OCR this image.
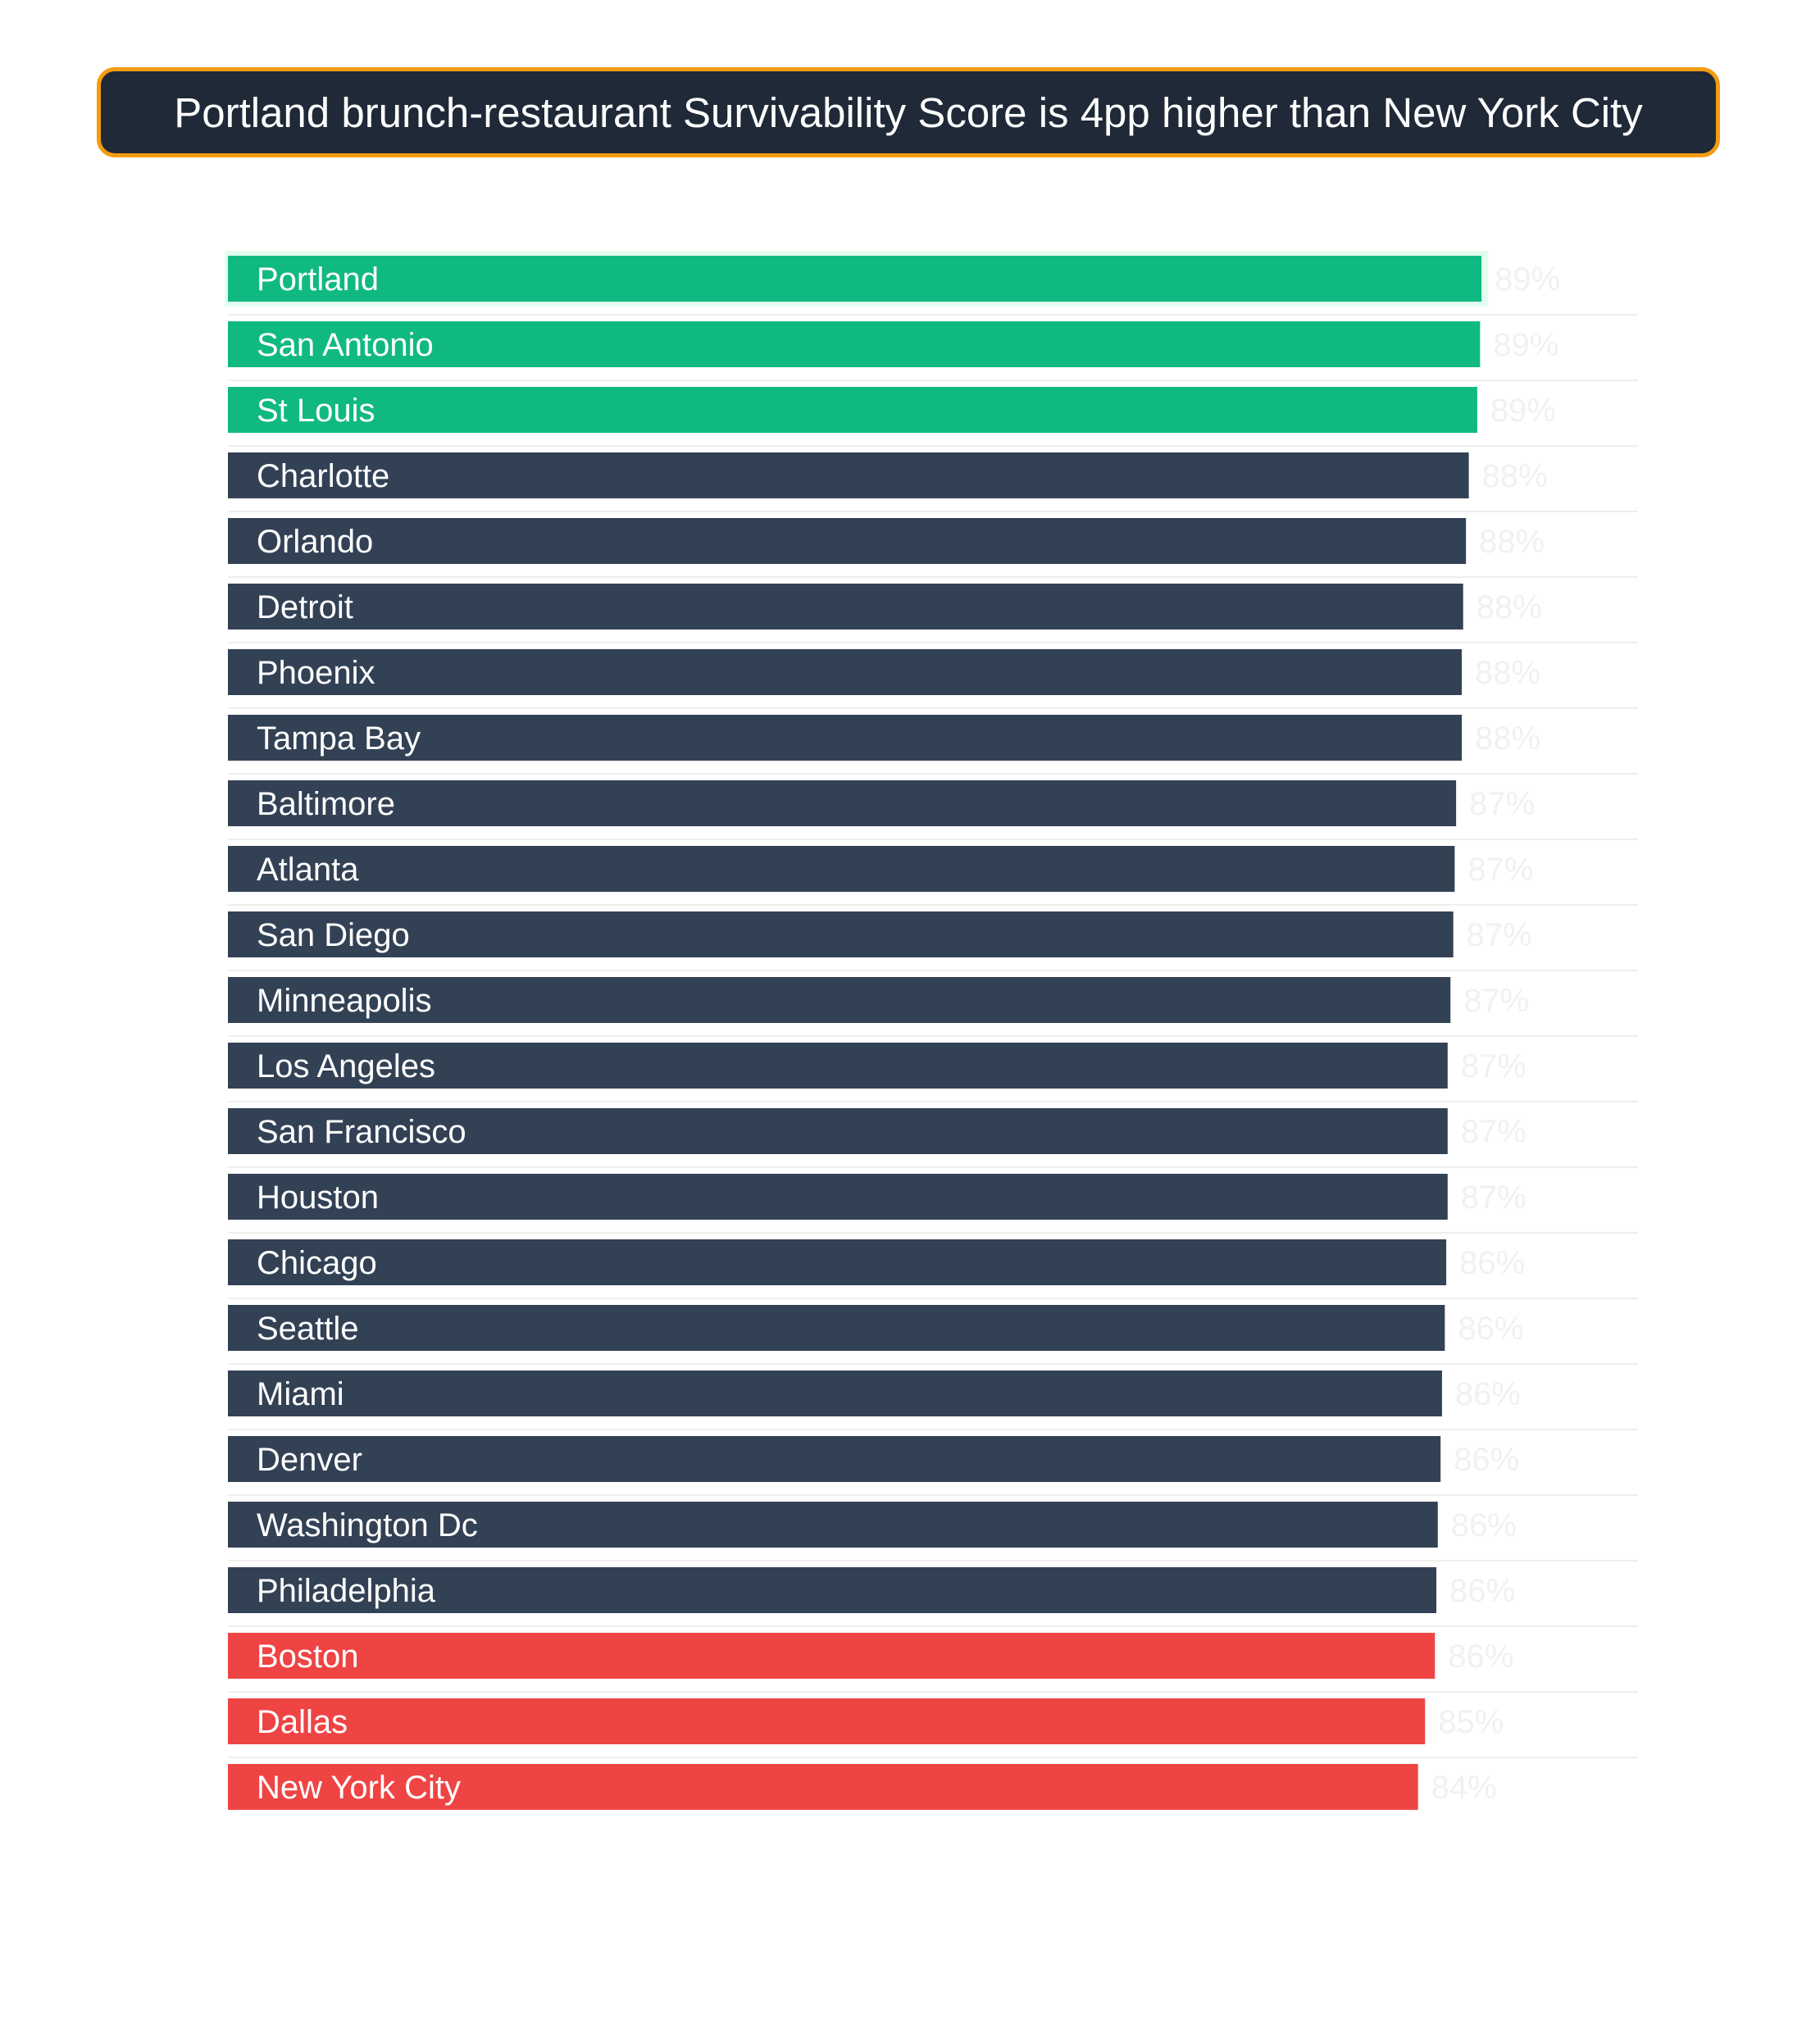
Portland brunch-restaurant Survivability Score is 4pp higher than New York City
Portland	89%
San Antonio	89%
St Louis	89%
Charlotte	88%
Orlando	88%
Detroit	88%
Phoenix	88%
Tampa Bay	88%
Baltimore	87%
Atlanta	87%
San Diego	87%
Minneapolis	87%
Los Angeles	87%
San Francisco	87%
Houston	87%
Chicago	86%
Seattle	86%
Miami	86%
Denver	86%
Washington Dc	86%
Philadelphia	86%
Boston	86%
Dallas	85%
New York City	84%
